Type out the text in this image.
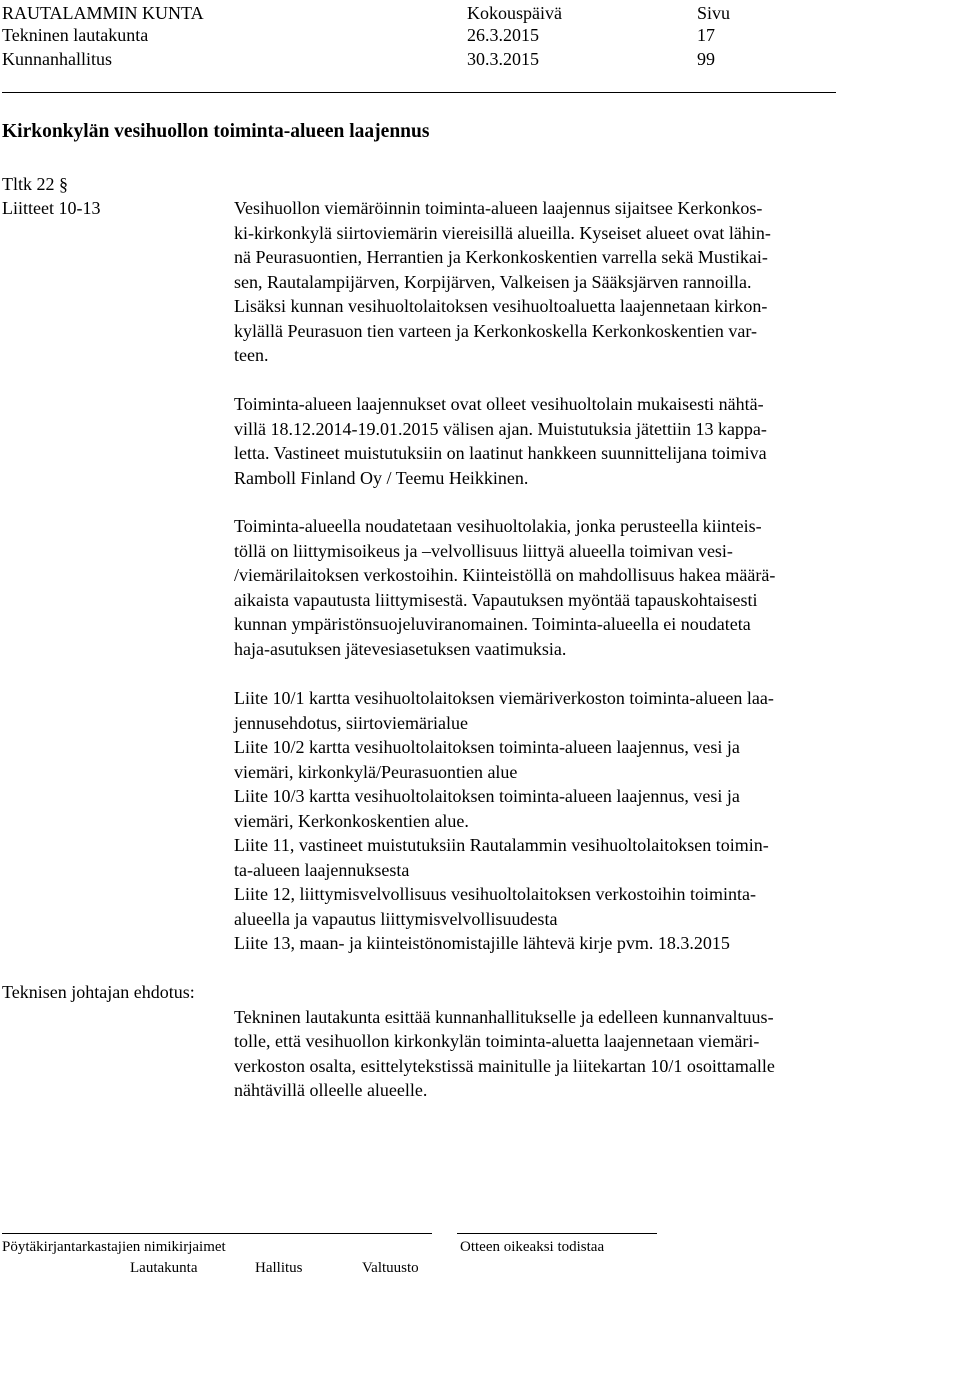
RAUTALAMMIN KUNTA	Kokouspäivä	Sivu
Tekninen lautakunta	26.3.2015	17
Kunnanhallitus	30.3.2015	99
Kirkonkylän vesihuollon toiminta-alueen laajennus
Tltk 22 §
Liitteet 10-13	Vesihuollon viemäröinnin toiminta-alueen laajennus sijaitsee Kerkonkos-
ki-kirkonkylä siirtoviemärin viereisillä alueilla. Kyseiset alueet ovat lähin-
nä Peurasuontien, Herrantien ja Kerkonkoskentien varrella sekä Mustikai-
sen, Rautalampijärven, Korpijärven, Valkeisen ja Sääksjärven rannoilla.
Lisäksi kunnan vesihuoltolaitoksen vesihuoltoaluetta laajennetaan kirkon-
kylällä Peurasuon tien varteen ja Kerkonkoskella Kerkonkoskentien var-
teen.
Toiminta-alueen laajennukset ovat olleet vesihuoltolain mukaisesti nähtä-
villä 18.12.2014-19.01.2015 välisen ajan. Muistutuksia jätettiin 13 kappa-
letta. Vastineet muistutuksiin on laatinut hankkeen suunnittelijana toimiva
Ramboll Finland Oy / Teemu Heikkinen.
Toiminta-alueella noudatetaan vesihuoltolakia, jonka perusteella kiinteis-
töllä on liittymisoikeus ja –velvollisuus liittyä alueella toimivan vesi-
/viemärilaitoksen verkostoihin. Kiinteistöllä on mahdollisuus hakea määrä-
aikaista vapautusta liittymisestä. Vapautuksen myöntää tapauskohtaisesti
kunnan ympäristönsuojeluviranomainen. Toiminta-alueella ei noudateta
haja-asutuksen jätevesiasetuksen vaatimuksia.
Liite 10/1 kartta vesihuoltolaitoksen viemäriverkoston toiminta-alueen laa-
jennusehdotus, siirtoviemärialue
Liite 10/2 kartta vesihuoltolaitoksen toiminta-alueen laajennus, vesi ja
viemäri, kirkonkylä/Peurasuontien alue
Liite 10/3 kartta vesihuoltolaitoksen toiminta-alueen laajennus, vesi ja
viemäri, Kerkonkoskentien alue.
Liite 11, vastineet muistutuksiin Rautalammin vesihuoltolaitoksen toimin-
ta-alueen laajennuksesta
Liite 12, liittymisvelvollisuus vesihuoltolaitoksen verkostoihin toiminta-
alueella ja vapautus liittymisvelvollisuudesta
Liite 13, maan- ja kiinteistönomistajille lähtevä kirje pvm. 18.3.2015
Teknisen johtajan ehdotus:
Tekninen lautakunta esittää kunnanhallitukselle ja edelleen kunnanvaltuus-
tolle, että vesihuollon kirkonkylän toiminta-aluetta laajennetaan viemäri-
verkoston osalta, esittelytekstissä mainitulle ja liitekartan 10/1 osoittamalle
nähtävillä olleelle alueelle.
Pöytäkirjantarkastajien nimikirjaimet	Otteen oikeaksi todistaa
Lautakunta	Hallitus	Valtuusto
